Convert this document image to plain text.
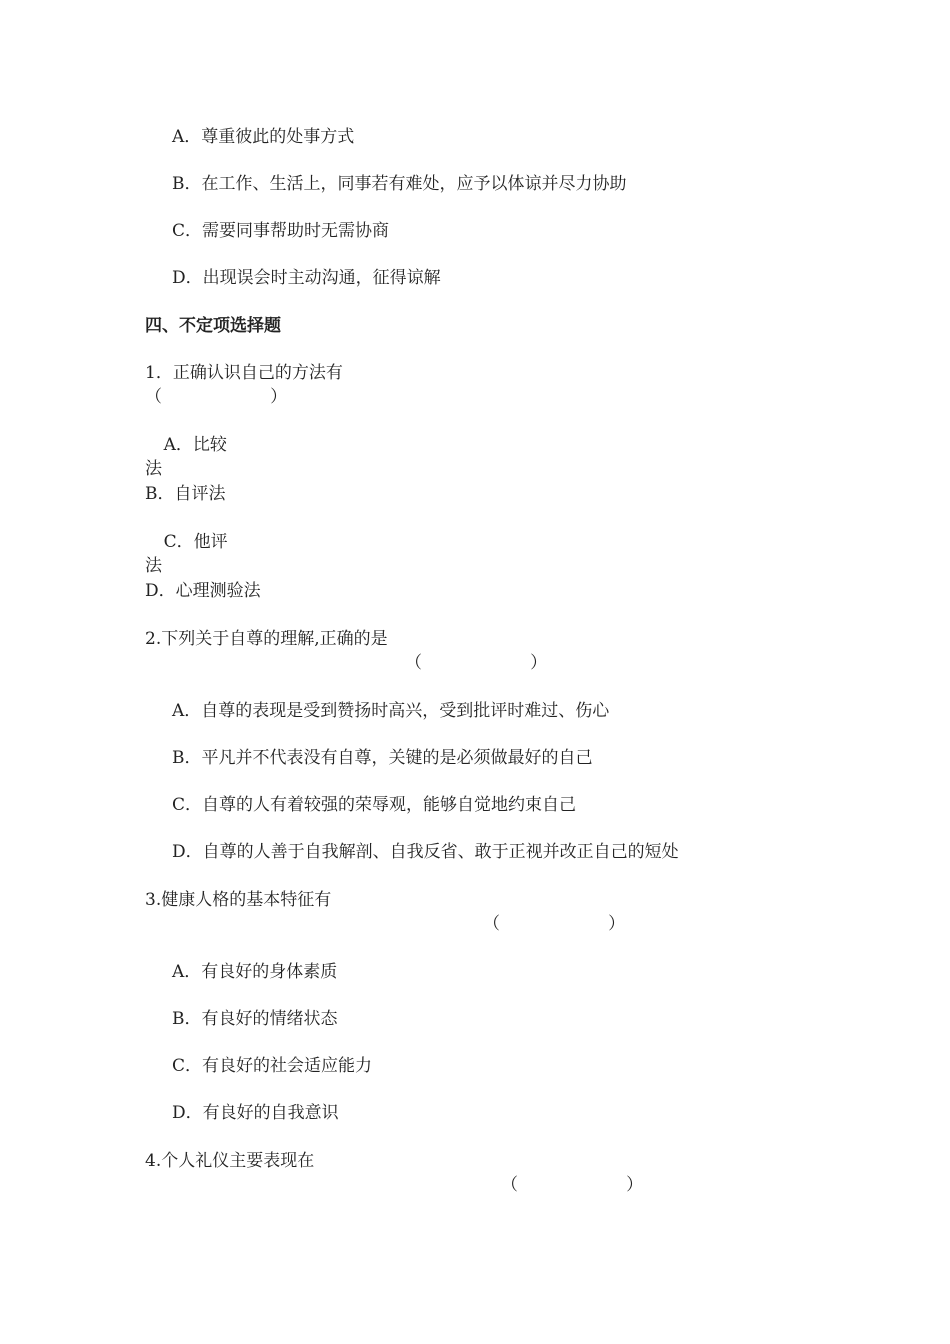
A．尊重彼此的处事方式

B．在工作、生活上，同事若有难处，应予以体谅并尽力协助

C．需要同事帮助时无需协商

D．出现误会时主动沟通，征得谅解

四、不定项选择题

1．正确认识自己的方法有

（                    ）

A．比较

法

B．自评法

C．他评

法

D．心理测验法

2.下列关于自尊的理解,正确的是

（                    ）

A．自尊的表现是受到赞扬时高兴，受到批评时难过、伤心

B．平凡并不代表没有自尊，关键的是必须做最好的自己

C．自尊的人有着较强的荣辱观，能够自觉地约束自己

D．自尊的人善于自我解剖、自我反省、敢于正视并改正自己的短处

3.健康人格的基本特征有

（                    ）

A．有良好的身体素质

B．有良好的情绪状态

C．有良好的社会适应能力

D．有良好的自我意识

4.个人礼仪主要表现在

（                    ）
